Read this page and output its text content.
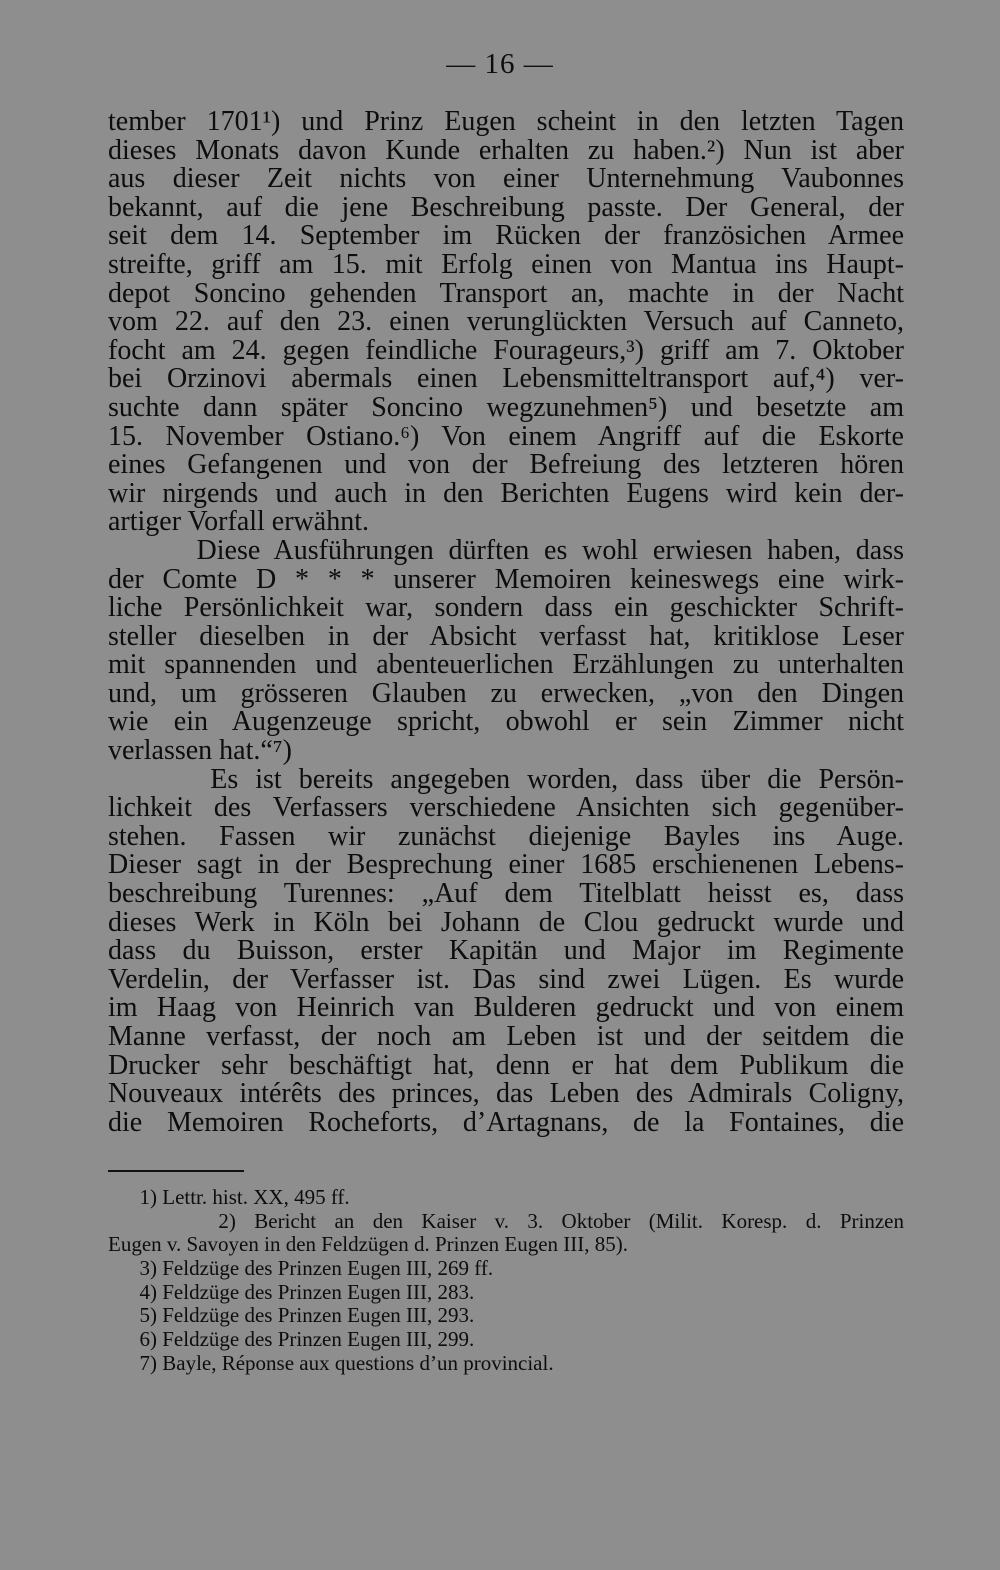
— 16 —
tember 1701¹) und Prinz Eugen scheint in den letzten Tagen
dieses Monats davon Kunde erhalten zu haben.²) Nun ist aber
aus dieser Zeit nichts von einer Unternehmung Vaubonnes
bekannt, auf die jene Beschreibung passte. Der General, der
seit dem 14. September im Rücken der französichen Armee
streifte, griff am 15. mit Erfolg einen von Mantua ins Haupt-
depot Soncino gehenden Transport an, machte in der Nacht
vom 22. auf den 23. einen verunglückten Versuch auf Canneto,
focht am 24. gegen feindliche Fourageurs,³) griff am 7. Oktober
bei Orzinovi abermals einen Lebensmitteltransport auf,⁴) ver-
suchte dann später Soncino wegzunehmen⁵) und besetzte am
15. November Ostiano.⁶) Von einem Angriff auf die Eskorte
eines Gefangenen und von der Befreiung des letzteren hören
wir nirgends und auch in den Berichten Eugens wird kein der-
artiger Vorfall erwähnt.
Diese Ausführungen dürften es wohl erwiesen haben, dass
der Comte D * * * unserer Memoiren keineswegs eine wirk-
liche Persönlichkeit war, sondern dass ein geschickter Schrift-
steller dieselben in der Absicht verfasst hat, kritiklose Leser
mit spannenden und abenteuerlichen Erzählungen zu unterhalten
und, um grösseren Glauben zu erwecken, „von den Dingen
wie ein Augenzeuge spricht, obwohl er sein Zimmer nicht
verlassen hat.“⁷)
Es ist bereits angegeben worden, dass über die Persön-
lichkeit des Verfassers verschiedene Ansichten sich gegenüber-
stehen. Fassen wir zunächst diejenige Bayles ins Auge.
Dieser sagt in der Besprechung einer 1685 erschienenen Lebens-
beschreibung Turennes: „Auf dem Titelblatt heisst es, dass
dieses Werk in Köln bei Johann de Clou gedruckt wurde und
dass du Buisson, erster Kapitän und Major im Regimente
Verdelin, der Verfasser ist. Das sind zwei Lügen. Es wurde
im Haag von Heinrich van Bulderen gedruckt und von einem
Manne verfasst, der noch am Leben ist und der seitdem die
Drucker sehr beschäftigt hat, denn er hat dem Publikum die
Nouveaux intérêts des princes, das Leben des Admirals Coligny,
die Memoiren Rocheforts, d’Artagnans, de la Fontaines, die
1) Lettr. hist. XX, 495 ff.
2) Bericht an den Kaiser v. 3. Oktober (Milit. Koresp. d. Prinzen
Eugen v. Savoyen in den Feldzügen d. Prinzen Eugen III, 85).
3) Feldzüge des Prinzen Eugen III, 269 ff.
4) Feldzüge des Prinzen Eugen III, 283.
5) Feldzüge des Prinzen Eugen III, 293.
6) Feldzüge des Prinzen Eugen III, 299.
7) Bayle, Réponse aux questions d’un provincial.
